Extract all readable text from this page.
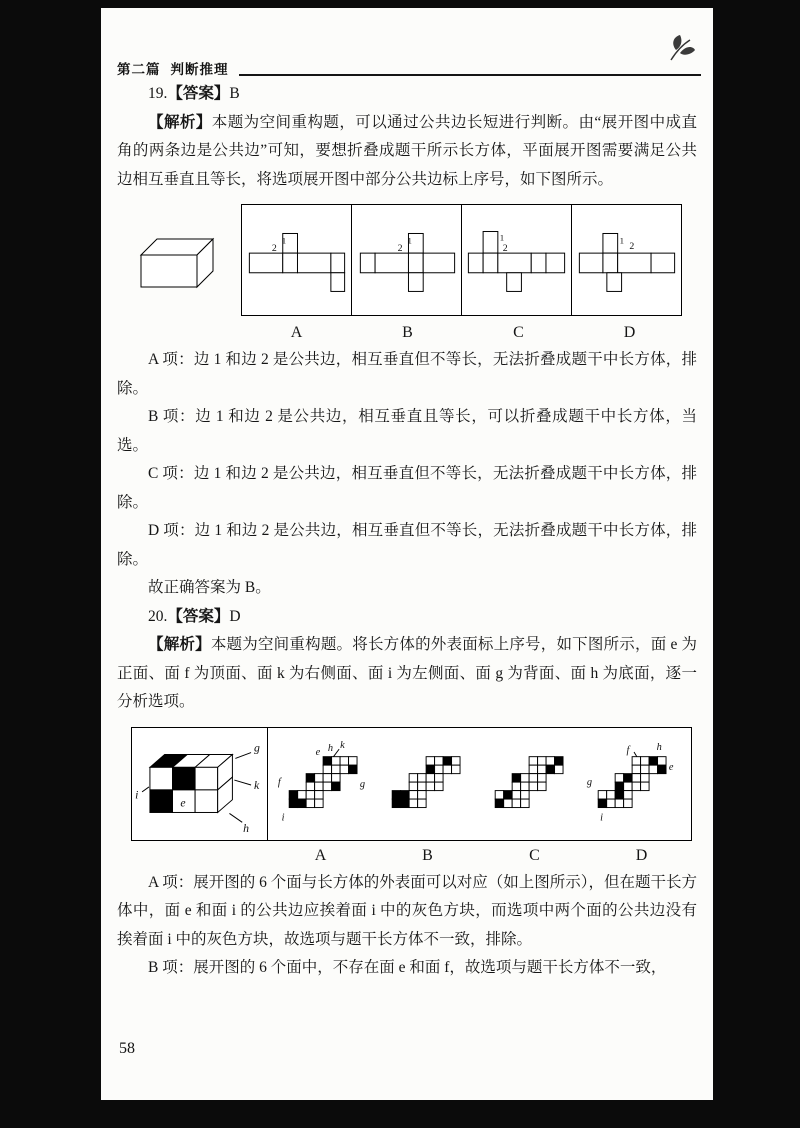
第二篇 判断推理

19.【答案】B

【解析】本题为空间重构题，可以通过公共边长短进行判断。由“展开图中成直角的两条边是公共边”可知，要想折叠成题干所示长方体，平面展开图需要满足公共边相互垂直且等长，将选项展开图中部分公共边标上序号，如下图所示。

2
1
2
1	1
2
1
2
A	B	C	D

A 项：边 1 和边 2 是公共边，相互垂直但不等长，无法折叠成题干中长方体，排除。

B 项：边 1 和边 2 是公共边，相互垂直且等长，可以折叠成题干中长方体，当选。

C 项：边 1 和边 2 是公共边，相互垂直但不等长，无法折叠成题干中长方体，排除。

D 项：边 1 和边 2 是公共边，相互垂直但不等长，无法折叠成题干中长方体，排除。

故正确答案为 B。

20.【答案】D

【解析】本题为空间重构题。将长方体的外表面标上序号，如下图所示，面 e 为正面、面 f 为顶面、面 k 为右侧面、面 i 为左侧面、面 g 为背面、面 h 为底面，逐一分析选项。

g
k
h
i
e
f
e h k
g
i
f h
e
g
i
A	B	C	D

A 项：展开图的 6 个面与长方体的外表面可以对应（如上图所示），但在题干长方体中，面 e 和面 i 的公共边应挨着面 i 中的灰色方块，而选项中两个面的公共边没有挨着面 i 中的灰色方块，故选项与题干长方体不一致，排除。

B 项：展开图的 6 个面中，不存在面 e 和面 f，故选项与题干长方体不一致，

58
